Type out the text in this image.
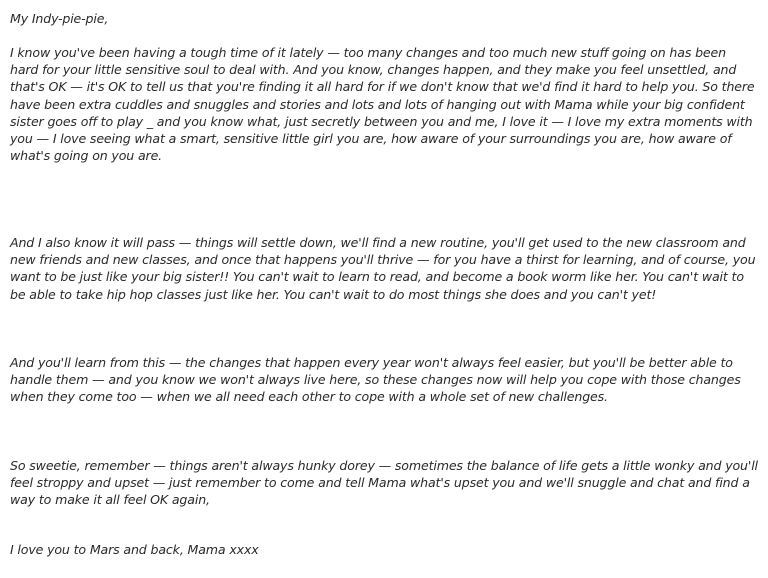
My Indy-pie-pie,

I know you've been having a tough time of it lately — too many changes and too much new stuff going on has been hard for your little sensitive soul to deal with. And you know, changes happen, and they make you feel unsettled, and that's OK — it's OK to tell us that you're finding it all hard for if we don't know that we'd find it hard to help you. So there have been extra cuddles and snuggles and stories and lots and lots of hanging out with Mama while your big confident sister goes off to play _ and you know what, just secretly between you and me, I love it — I love my extra moments with you — I love seeing what a smart, sensitive little girl you are, how aware of your surroundings you are, how aware of what's going on you are.

And I also know it will pass — things will settle down, we'll find a new routine, you'll get used to the new classroom and new friends and new classes, and once that happens you'll thrive — for you have a thirst for learning, and of course, you want to be just like your big sister!! You can't wait to learn to read, and become a book worm like her. You can't wait to be able to take hip hop classes just like her. You can't wait to do most things she does and you can't yet!

And you'll learn from this — the changes that happen every year won't always feel easier, but you'll be better able to handle them — and you know we won't always live here, so these changes now will help you cope with those changes when they come too — when we all need each other to cope with a whole set of new challenges.

So sweetie, remember — things aren't always hunky dorey — sometimes the balance of life gets a little wonky and you'll feel stroppy and upset — just remember to come and tell Mama what's upset you and we'll snuggle and chat and find a way to make it all feel OK again,

I love you to Mars and back, Mama xxxx
